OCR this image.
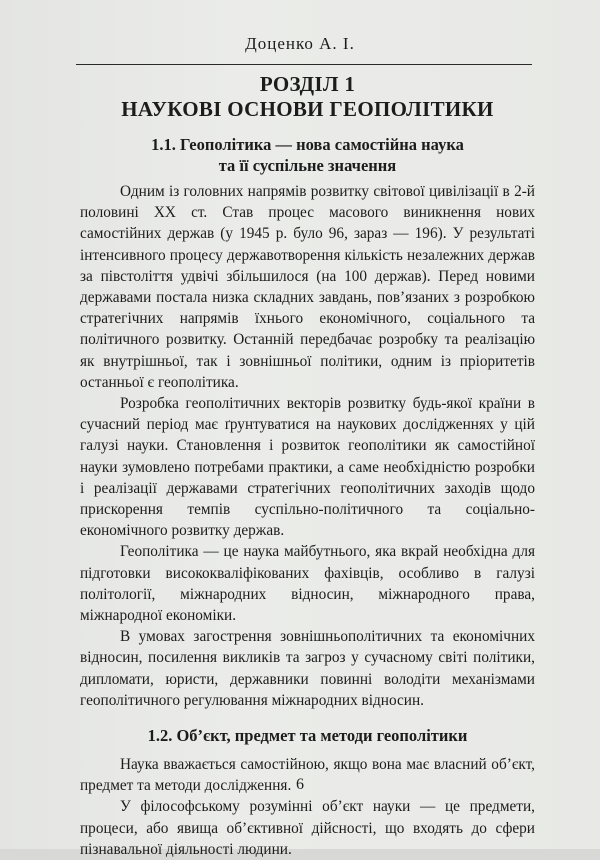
Доценко А. І.
РОЗДІЛ 1
НАУКОВІ ОСНОВИ ГЕОПОЛІТИКИ
1.1. Геополітика — нова самостійна наука
та її суспільне значення

Одним із головних напрямів розвитку світової цивілізації в 2-й половині XX ст. Став процес масового виникнення нових самостійних держав (у 1945 р. було 96, зараз — 196). У результаті інтенсивного процесу державотворення кількість незалежних держав за півстоліття удвічі збільшилося (на 100 держав). Перед новими державами постала низка складних завдань, пов’язаних з розробкою стратегічних напрямів їхнього економічного, соціального та політичного розвитку. Останній передбачає розробку та реалізацію як внутрішньої, так і зовнішньої політики, одним із пріоритетів останньої є геополітика.

Розробка геополітичних векторів розвитку будь-якої країни в сучасний період має ґрунтуватися на наукових дослідженнях у цій галузі науки. Становлення і розвиток геополітики як самостійної науки зумовлено потребами практики, а саме необхідністю розробки і реалізації державами стратегічних геополітичних заходів щодо прискорення темпів суспільно-політичного та соціально-економічного розвитку держав.

Геополітика — це наука майбутнього, яка вкрай необхідна для підготовки висококваліфікованих фахівців, особливо в галузі політології, міжнародних відносин, міжнародного права, міжнародної економіки.

В умовах загострення зовнішньополітичних та економічних відносин, посилення викликів та загроз у сучасному світі політики, дипломати, юристи, державники повинні володіти механізмами геополітичного регулювання міжнародних відносин.

1.2. Об’єкт, предмет та методи геополітики

Наука вважається самостійною, якщо вона має власний об’єкт, предмет та методи дослідження.

У філософському розумінні об’єкт науки — це предмети, процеси, або явища об’єктивної дійсності, що входять до сфери пізнавальної діяльності людини.

6
